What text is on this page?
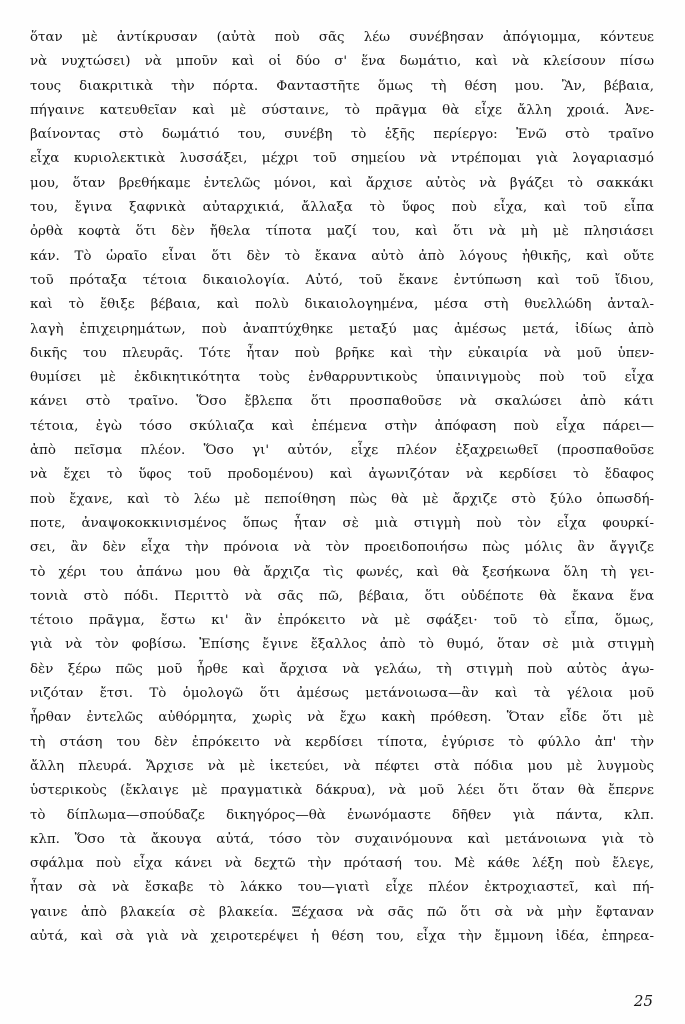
ὅταν μὲ ἀντίκρυσαν (αὐτὰ ποὺ σᾶς λέω συνέβησαν ἀπόγιομμα, κόντευε
νὰ νυχτώσει) νὰ μποῦν καὶ οἱ δύο σ' ἕνα δωμάτιο, καὶ νὰ κλείσουν πίσω
τους διακριτικὰ τὴν πόρτα. Φανταστῆτε ὅμως τὴ θέση μου. Ἂν, βέβαια,
πήγαινε κατευθεῖαν καὶ μὲ σύσταινε, τὸ πρᾶγμα θὰ εἶχε ἄλλη χροιά. Ἀνε-
βαίνοντας στὸ δωμάτιό του, συνέβη τὸ ἑξῆς περίεργο: Ἐνῶ στὸ τραῖνο
εἶχα κυριολεκτικὰ λυσσάξει, μέχρι τοῦ σημείου νὰ ντρέπομαι γιὰ λογαριασμό
μου, ὅταν βρεθήκαμε ἐντελῶς μόνοι, καὶ ἄρχισε αὐτὸς νὰ βγάζει τὸ σακκάκι
του, ἔγινα ξαφνικὰ αὐταρχικιά, ἄλλαξα τὸ ὕφος ποὺ εἶχα, καὶ τοῦ εἶπα
ὀρθὰ κοφτὰ ὅτι δὲν ἤθελα τίποτα μαζί του, καὶ ὅτι νὰ μὴ μὲ πλησιάσει
κάν. Τὸ ὡραῖο εἶναι ὅτι δὲν τὸ ἔκανα αὐτὸ ἀπὸ λόγους ἠθικῆς, καὶ οὔτε
τοῦ πρόταξα τέτοια δικαιολογία. Αὐτό, τοῦ ἔκανε ἐντύπωση καὶ τοῦ ἴδιου,
καὶ τὸ ἔθιξε βέβαια, καὶ πολὺ δικαιολογημένα, μέσα στὴ θυελλώδη ἀνταλ-
λαγὴ ἐπιχειρημάτων, ποὺ ἀναπτύχθηκε μεταξύ μας ἀμέσως μετά, ἰδίως ἀπὸ
δικῆς του πλευρᾶς. Τότε ἦταν ποὺ βρῆκε καὶ τὴν εὐκαιρία νὰ μοῦ ὑπεν-
θυμίσει μὲ ἐκδικητικότητα τοὺς ἐνθαρρυντικοὺς ὑπαινιγμοὺς ποὺ τοῦ εἶχα
κάνει στὸ τραῖνο. Ὅσο ἔβλεπα ὅτι προσπαθοῦσε νὰ σκαλώσει ἀπὸ κάτι
τέτοια, ἐγὼ τόσο σκύλιαζα καὶ ἐπέμενα στὴν ἀπόφαση ποὺ εἶχα πάρει—
ἀπὸ πεῖσμα πλέον. Ὅσο γι' αὐτόν, εἶχε πλέον ἐξαχρειωθεῖ (προσπαθοῦσε
νὰ ἔχει τὸ ὕφος τοῦ προδομένου) καὶ ἀγωνιζόταν νὰ κερδίσει τὸ ἔδαφος
ποὺ ἔχανε, καὶ τὸ λέω μὲ πεποίθηση πὼς θὰ μὲ ἄρχιζε στὸ ξύλο ὁπωσδή-
ποτε, ἀναψοκοκκινισμένος ὅπως ἦταν σὲ μιὰ στιγμὴ ποὺ τὸν εἶχα φουρκί-
σει, ἂν δὲν εἶχα τὴν πρόνοια νὰ τὸν προειδοποιήσω πὼς μόλις ἂν ἄγγιζε
τὸ χέρι του ἀπάνω μου θὰ ἄρχιζα τὶς φωνές, καὶ θὰ ξεσήκωνα ὅλη τὴ γει-
τονιὰ στὸ πόδι. Περιττὸ νὰ σᾶς πῶ, βέβαια, ὅτι οὐδέποτε θὰ ἔκανα ἕνα
τέτοιο πρᾶγμα, ἔστω κι' ἂν ἐπρόκειτο νὰ μὲ σφάξει· τοῦ τὸ εἶπα, ὅμως,
γιὰ νὰ τὸν φοβίσω. Ἐπίσης ἔγινε ἔξαλλος ἀπὸ τὸ θυμό, ὅταν σὲ μιὰ στιγμὴ
δὲν ξέρω πῶς μοῦ ἦρθε καὶ ἄρχισα νὰ γελάω, τὴ στιγμὴ ποὺ αὐτὸς ἀγω-
νιζόταν ἔτσι. Τὸ ὁμολογῶ ὅτι ἀμέσως μετάνοιωσα—ἂν καὶ τὰ γέλοια μοῦ
ἦρθαν ἐντελῶς αὐθόρμητα, χωρὶς νὰ ἔχω κακὴ πρόθεση. Ὅταν εἶδε ὅτι μὲ
τὴ στάση του δὲν ἐπρόκειτο νὰ κερδίσει τίποτα, ἐγύρισε τὸ φύλλο ἀπ' τὴν
ἄλλη πλευρά. Ἄρχισε νὰ μὲ ἱκετεύει, νὰ πέφτει στὰ πόδια μου μὲ λυγμοὺς
ὑστερικοὺς (ἔκλαιγε μὲ πραγματικὰ δάκρυα), νὰ μοῦ λέει ὅτι ὅταν θὰ ἔπερνε
τὸ δίπλωμα—σπούδαζε δικηγόρος—θὰ ἑνωνόμαστε δῆθεν γιὰ πάντα, κλπ.
κλπ. Ὅσο τὰ ἄκουγα αὐτά, τόσο τὸν συχαινόμουνα καὶ μετάνοιωνα γιὰ τὸ
σφάλμα ποὺ εἶχα κάνει νὰ δεχτῶ τὴν πρότασή του. Μὲ κάθε λέξη ποὺ ἔλεγε,
ἦταν σὰ νὰ ἔσκαβε τὸ λάκκο του—γιατὶ εἶχε πλέον ἐκτροχιαστεῖ, καὶ πή-
γαινε ἀπὸ βλακεία σὲ βλακεία. Ξέχασα νὰ σᾶς πῶ ὅτι σὰ νὰ μὴν ἔφταναν
αὐτά, καὶ σὰ γιὰ νὰ χειροτερέψει ἡ θέση του, εἶχα τὴν ἔμμονη ἰδέα, ἐπηρεα-
25
